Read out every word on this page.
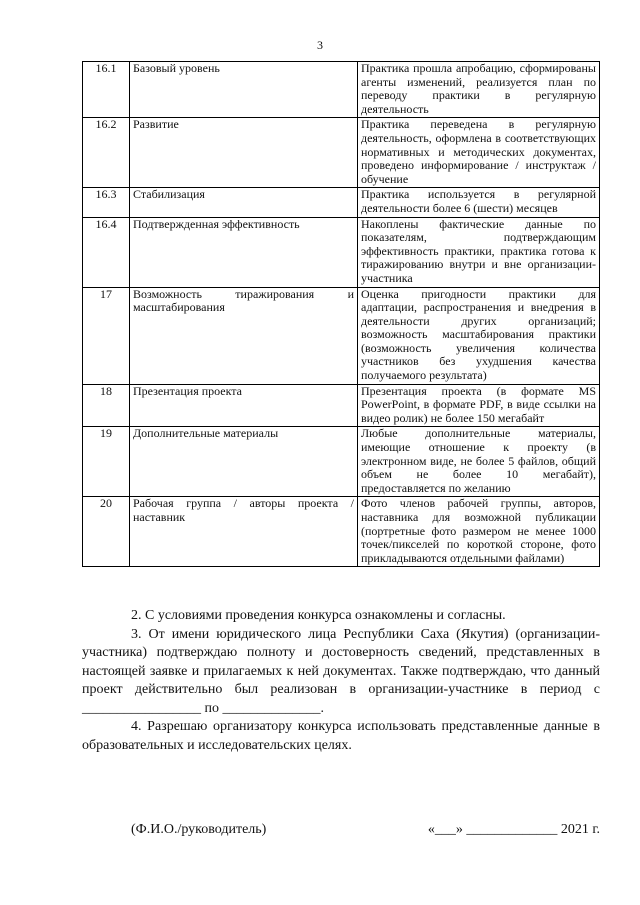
3
16.1	Базовый уровень	Практика прошла апробацию, сформированы агенты изменений, реализуется план по переводу практики в регулярную деятельность
16.2	Развитие	Практика переведена в регулярную деятельность, оформлена в соответствующих нормативных и методических документах, проведено информирование / инструктаж / обучение
16.3	Стабилизация	Практика используется в регулярной деятельности более 6 (шести) месяцев
16.4	Подтвержденная эффективность	Накоплены фактические данные по показателям, подтверждающим эффективность практики, практика готова к тиражированию внутри и вне организации-участника
17	Возможность тиражирования и масштабирования	Оценка пригодности практики для адаптации, распространения и внедрения в деятельности других организаций; возможность масштабирования практики (возможность увеличения количества участников без ухудшения качества получаемого результата)
18	Презентация проекта	Презентация проекта (в формате MS PowerPoint, в формате PDF, в виде ссылки на видео ролик) не более 150 мегабайт
19	Дополнительные материалы	Любые дополнительные материалы, имеющие отношение к проекту (в электронном виде, не более 5 файлов, общий объем не более 10 мегабайт), предоставляется по желанию
20	Рабочая группа / авторы проекта / наставник	Фото членов рабочей группы, авторов, наставника для возможной публикации (портретные фото размером не менее 1000 точек/пикселей по короткой стороне, фото прикладываются отдельными файлами)

2. С условиями проведения конкурса ознакомлены и согласны.

3. От имени юридического лица Республики Саха (Якутия) (организации-участника) подтверждаю полноту и достоверность сведений, представленных в настоящей заявке и прилагаемых к ней документах. Также подтверждаю, что данный проект действительно был реализован в организации-участнике в период с _________________ по ______________.

4. Разрешаю организатору конкурса использовать представленные данные в образовательных и исследовательских целях.

(Ф.И.О./руководитель)	«___» _____________ 2021 г.
